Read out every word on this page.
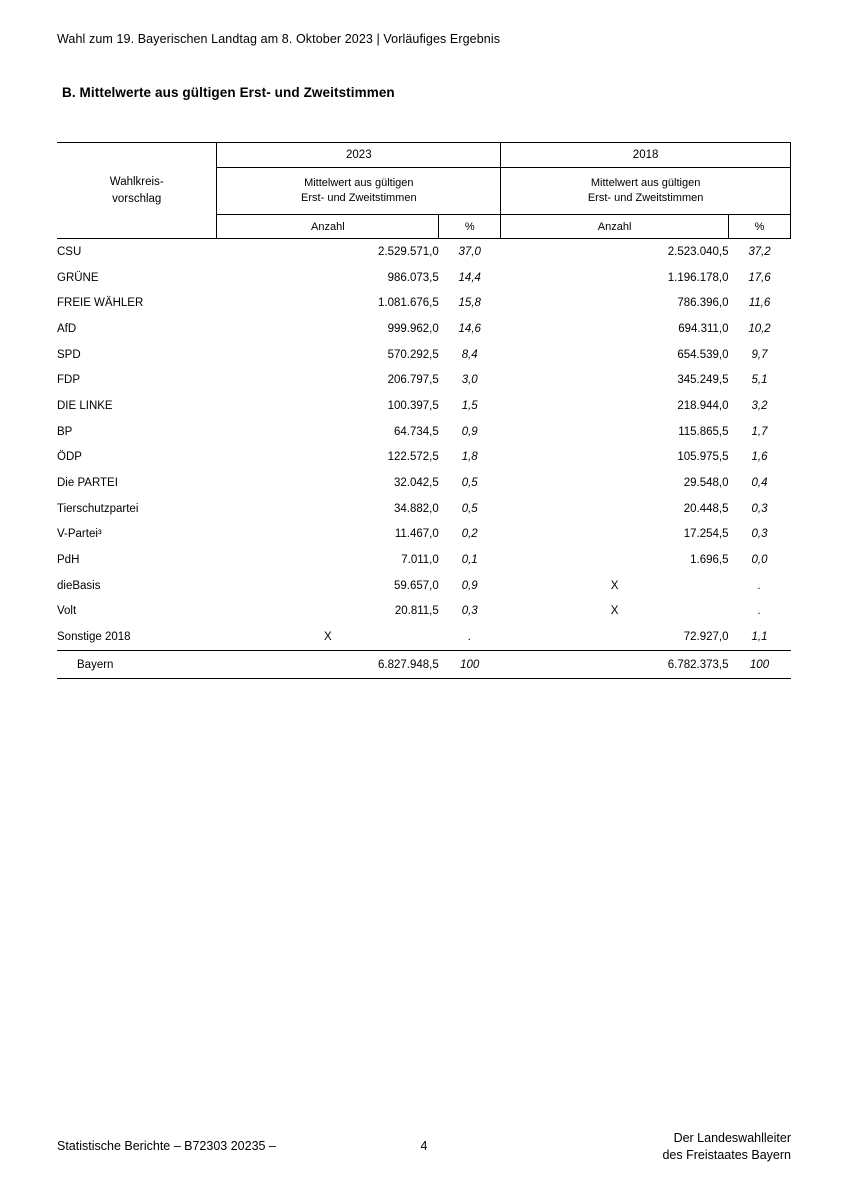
Wahl zum 19. Bayerischen Landtag am 8. Oktober 2023 | Vorläufiges Ergebnis
B. Mittelwerte aus gültigen Erst- und Zweitstimmen
Wahlkreis-
vorschlag	2023		2018	
	Mittelwert aus gültigen
Erst- und Zweitstimmen		Mittelwert aus gültigen
Erst- und Zweitstimmen	
	Anzahl	%	Anzahl	%
CSU	2.529.571,0	37,0	2.523.040,5	37,2
GRÜNE	986.073,5	14,4	1.196.178,0	17,6
FREIE WÄHLER	1.081.676,5	15,8	786.396,0	11,6
AfD	999.962,0	14,6	694.311,0	10,2
SPD	570.292,5	8,4	654.539,0	9,7
FDP	206.797,5	3,0	345.249,5	5,1
DIE LINKE	100.397,5	1,5	218.944,0	3,2
BP	64.734,5	0,9	115.865,5	1,7
ÖDP	122.572,5	1,8	105.975,5	1,6
Die PARTEI	32.042,5	0,5	29.548,0	0,4
Tierschutzpartei	34.882,0	0,5	20.448,5	0,3
V-Partei³	11.467,0	0,2	17.254,5	0,3
PdH	7.011,0	0,1	1.696,5	0,0
dieBasis	59.657,0	0,9	X	.
Volt	20.811,5	0,3	X	.
Sonstige 2018	X	.	72.927,0	1,1
Bayern	6.827.948,5	100	6.782.373,5	100
Statistische Berichte – B72303 20235 –	4
Der Landeswahlleiter
des Freistaates Bayern
